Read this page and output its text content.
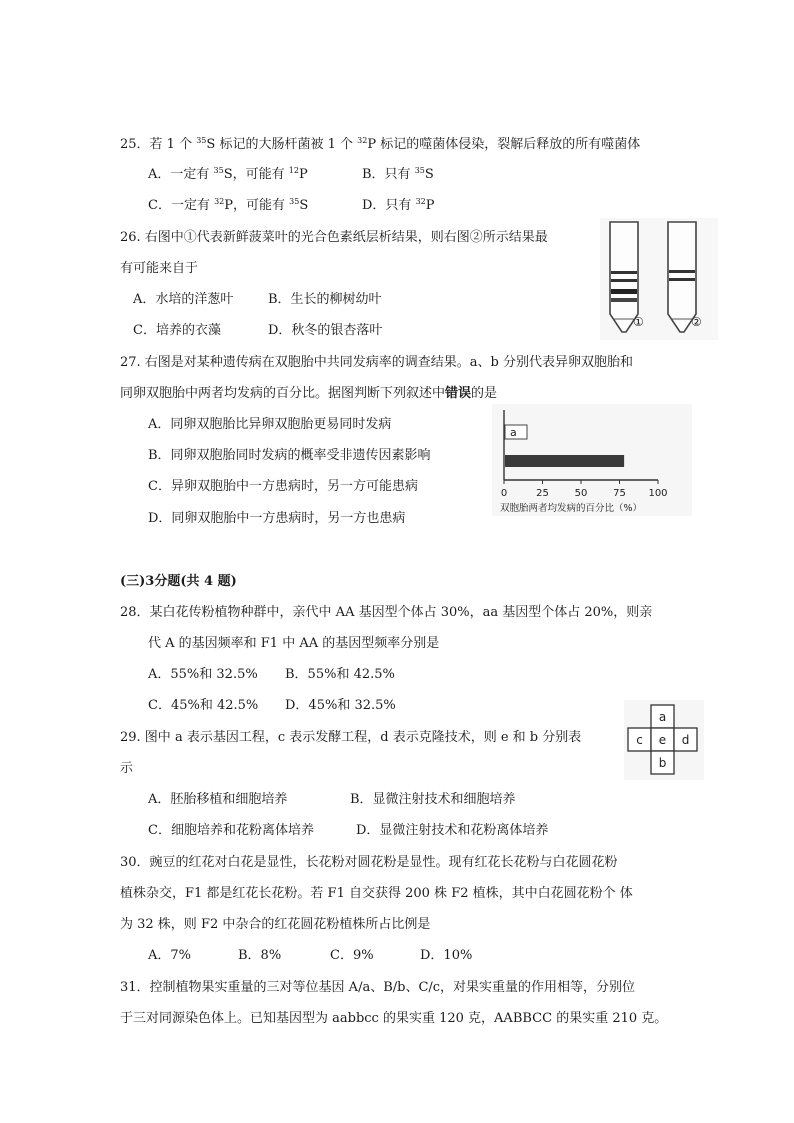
25．若 1 个 $^{35}$S 标记的大肠杆菌被 1 个 $^{32}$P 标记的噬菌体侵染，裂解后释放的所有噬菌体
A．一定有 $^{35}$S，可能有 $^{12}$P	B．只有 $^{35}$S
C．一定有 $^{32}$P，可能有 $^{35}$S	D．只有 $^{32}$P
26. 右图中①代表新鲜菠菜叶的光合色素纸层析结果，则右图②所示结果最
有可能来自于
A．水培的洋葱叶	B．生长的柳树幼叶
C．培养的衣藻	D．秋冬的银杏落叶
①	②
27. 右图是对某种遗传病在双胞胎中共同发病率的调查结果。a、b 分别代表异卵双胞胎和
同卵双胞胎中两者均发病的百分比。据图判断下列叙述中错误的是
A．同卵双胞胎比异卵双胞胎更易同时发病
B．同卵双胞胎同时发病的概率受非遗传因素影响
C．异卵双胞胎中一方患病时，另一方可能患病
D．同卵双胞胎中一方患病时，另一方也患病
a
0	25	50	75 100
双胞胎两者均发病的百分比（%）
(三)3分题(共 4 题)
28．某白花传粉植物种群中，亲代中 AA 基因型个体占 30%，aa 基因型个体占 20%，则亲
代 A 的基因频率和 F1 中 AA 的基因型频率分别是
A．55%和 32.5% B．55%和 42.5%
C．45%和 42.5% D．45%和 32.5%
29. 图中 a 表示基因工程，c 表示发酵工程，d 表示克隆技术，则 e 和 b 分别表
示
A．胚胎移植和细胞培养	B．显微注射技术和细胞培养
C．细胞培养和花粉离体培养	D．显微注射技术和花粉离体培养
a
c e d
b
30．豌豆的红花对白花是显性，长花粉对圆花粉是显性。现有红花长花粉与白花圆花粉
植株杂交，F1 都是红花长花粉。若 F1 自交获得 200 株 F2 植株，其中白花圆花粉个 体
为 32 株，则 F2 中杂合的红花圆花粉植株所占比例是
A．7%	B．8%	C．9%	D．10%
31．控制植物果实重量的三对等位基因 A/a、B/b、C/c，对果实重量的作用相等，分别位
于三对同源染色体上。已知基因型为 aabbcc 的果实重 120 克，AABBCC 的果实重 210 克。
